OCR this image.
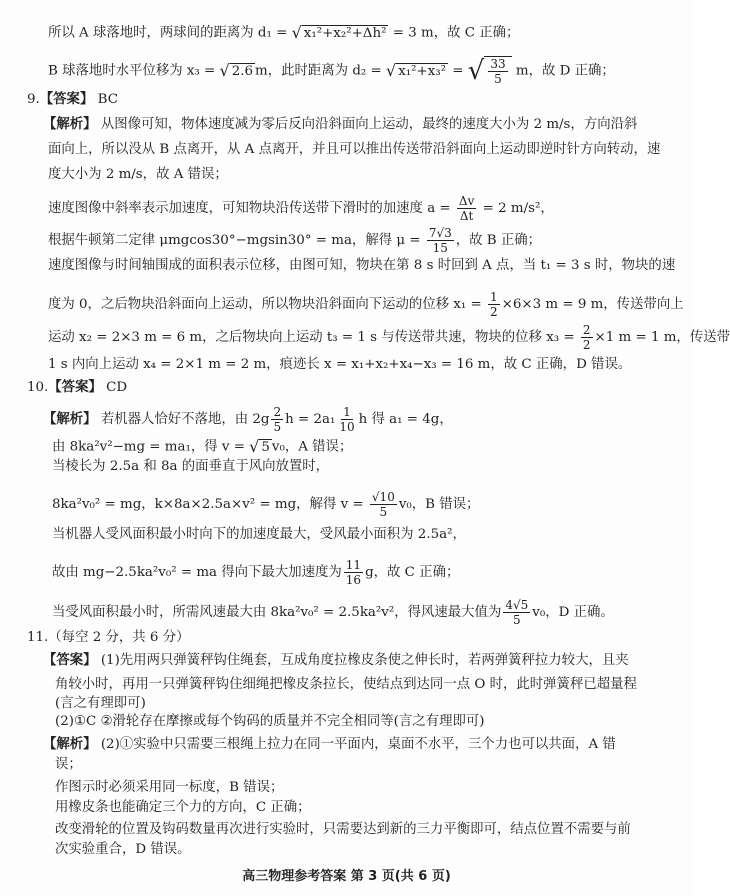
所以 A 球落地时，两球间的距离为 d₁ = √ x₁²+x₂²+Δh² = 3 m，故 C 正确；
B 球落地时水平位移为 x₃ = √ 2.6 m，此时距离为 d₂ = √ x₁²+x₃² = √ $\frac{33}{5}$ m，故 D 正确；
9.【答案】 BC
【解析】 从图像可知，物体速度减为零后反向沿斜面向上运动，最终的速度大小为 2 m/s，方向沿斜
面向上，所以没从 B 点离开，从 A 点离开，并且可以推出传送带沿斜面向上运动即逆时针方向转动，速
度大小为 2 m/s，故 A 错误；
速度图像中斜率表示加速度，可知物块沿传送带下滑时的加速度 $a = \frac{\Delta v}{\Delta t} = 2$ m/s²，
根据牛顿第二定律 μmgcos30°−mgsin30° = ma，解得 $\mu = \frac{7√3}{15}$ ，故 B 正确；
速度图像与时间轴围成的面积表示位移，由图可知，物块在第 8 s 时回到 A 点，当 t₁ = 3 s 时，物块的速
度为 0，之后物块沿斜面向上运动，所以物块沿斜面向下运动的位移 $x_1 = \frac{1}{2} \times 6\times 3$ m = 9 m，传送带向上
运动 x₂ = 2×3 m = 6 m，之后物块向上运动 t₃ = 1 s 与传送带共速，物块的位移 $x_3 = \frac{2}{2} \times 1$ m = 1 m，传送带
1 s 内向上运动 x₄ = 2×1 m = 2 m，痕迹长 x = x₁+x₂+x₄−x₃ = 16 m，故 C 正确，D 错误。
10.【答案】 CD
【解析】 若机器人恰好不落地，由 $2g \frac{2}{5}$ $h = 2a_1 \frac{1}{10}$ h 得 a₁ = 4g，
由 8ka²v²−mg = ma₁，得 v = √ 5 v₀，A 错误；
当棱长为 2.5a 和 8a 的面垂直于风向放置时，
8ka²v₀² = mg，k×8a×2.5a×v² = mg，解得 $v = \frac{√10}{5} v_0$，B 错误；
当机器人受风面积最小时向下的加速度最大，受风最小面积为 2.5a²，
故由 mg−2.5ka²v₀² = ma 得向下最大加速度为 $\frac{11}{16}$ g，故 C 正确；
当受风面积最小时，所需风速最大由 8ka²v₀² = 2.5ka²v²，得风速最大值为 $\frac{4√5}{5} v_0$，D 正确。
11.（每空 2 分，共 6 分）
【答案】 (1)先用两只弹簧秤钩住绳套，互成角度拉橡皮条使之伸长时，若两弹簧秤拉力较大，且夹
角较小时，再用一只弹簧秤钩住细绳把橡皮条拉长，使结点到达同一点 O 时，此时弹簧秤已超量程
(言之有理即可)
(2)①C ②滑轮存在摩擦或每个钩码的质量并不完全相同等(言之有理即可)
【解析】 (2)①实验中只需要三根绳上拉力在同一平面内，桌面不水平，三个力也可以共面，A 错
误；
作图示时必须采用同一标度，B 错误；
用橡皮条也能确定三个力的方向，C 正确；
改变滑轮的位置及钩码数量再次进行实验时，只需要达到新的三力平衡即可，结点位置不需要与前
次实验重合，D 错误。
高三物理参考答案 第 3 页(共 6 页)
